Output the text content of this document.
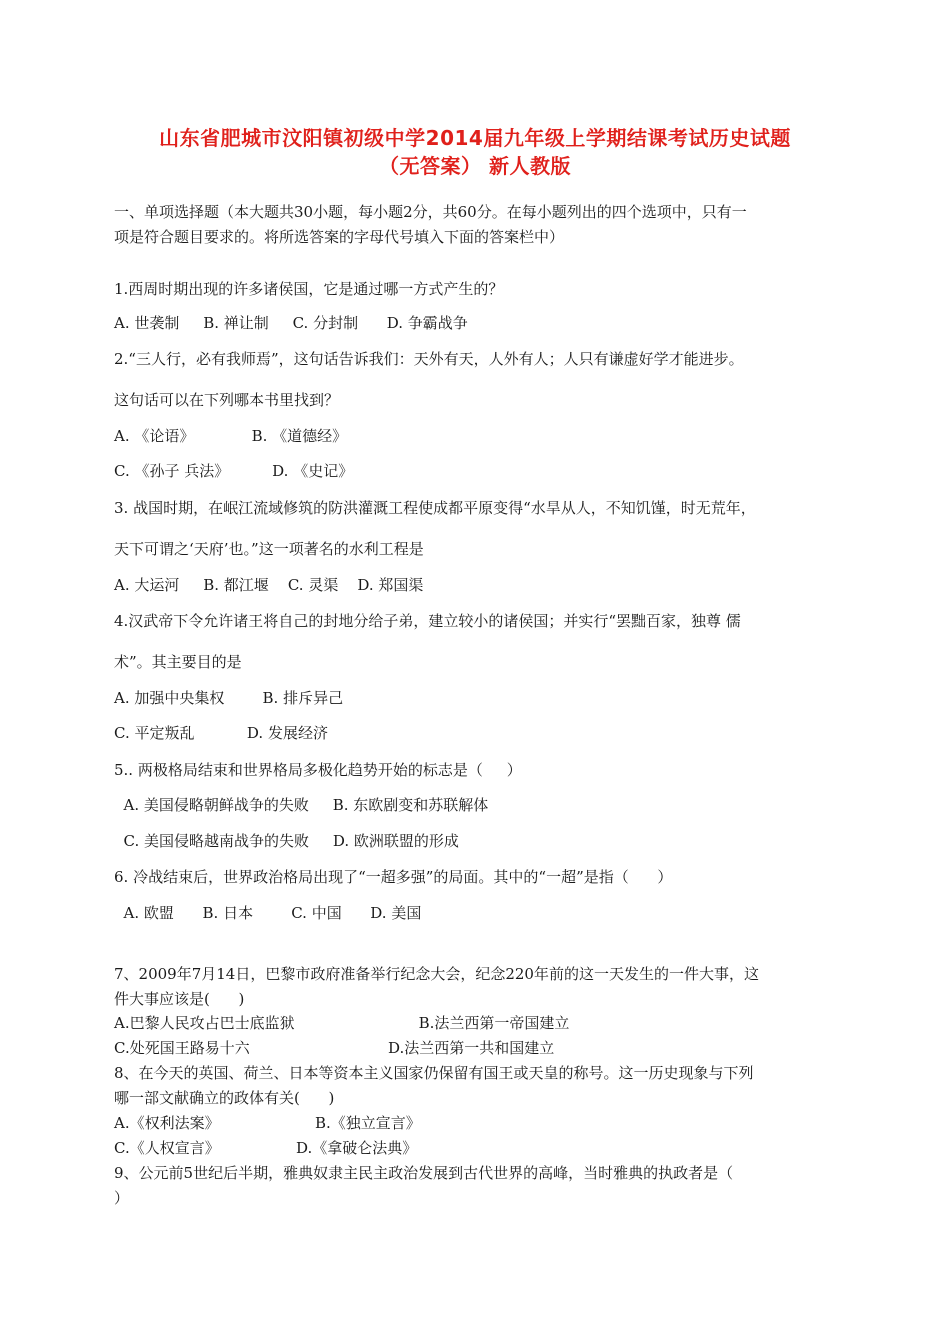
山东省肥城市汶阳镇初级中学2014届九年级上学期结课考试历史试题
（无答案） 新人教版
一、单项选择题（本大题共30小题，每小题2分，共60分。在每小题列出的四个选项中，只有一
项是符合题目要求的。将所选答案的字母代号填入下面的答案栏中）
1.西周时期出现的许多诸侯国，它是通过哪一方式产生的？
A. 世袭制     B. 禅让制     C. 分封制      D. 争霸战争
2.“三人行，必有我师焉”，这句话告诉我们：天外有天，人外有人；人只有谦虚好学才能进步。
这句话可以在下列哪本书里找到？
A. 《论语》            B. 《道德经》
C. 《孙子 兵法》         D. 《史记》
3. 战国时期，在岷江流域修筑的防洪灌溉工程使成都平原变得“水旱从人，不知饥馑，时无荒年，
天下可谓之‘天府’也。”这一项著名的水利工程是
A. 大运河     B. 都江堰    C. 灵渠    D. 郑国渠
4.汉武帝下令允许诸王将自己的封地分给子弟，建立较小的诸侯国；并实行“罢黜百家，独尊 儒
术”。其主要目的是
A. 加强中央集权        B. 排斥异己
C. 平定叛乱           D. 发展经济
5.. 两极格局结束和世界格局多极化趋势开始的标志是（     ）
A. 美国侵略朝鲜战争的失败     B. 东欧剧变和苏联解体
C. 美国侵略越南战争的失败     D. 欧洲联盟的形成
6. 冷战结束后，世界政治格局出现了“一超多强”的局面。其中的“一超”是指（      ）
A. 欧盟      B. 日本        C. 中国      D. 美国
7、2009年7月14日，巴黎市政府准备举行纪念大会，纪念220年前的这一天发生的一件大事，这
件大事应该是(      )
A.巴黎人民攻占巴士底监狱                          B.法兰西第一帝国建立
C.处死国王路易十六                             D.法兰西第一共和国建立
8、在今天的英国、荷兰、日本等资本主义国家仍保留有国王或天皇的称号。这一历史现象与下列
哪一部文献确立的政体有关(      )
A.《权利法案》                    B.《独立宣言》
C.《人权宣言》                D.《拿破仑法典》
9、公元前5世纪后半期，雅典奴隶主民主政治发展到古代世界的高峰，当时雅典的执政者是（
）
